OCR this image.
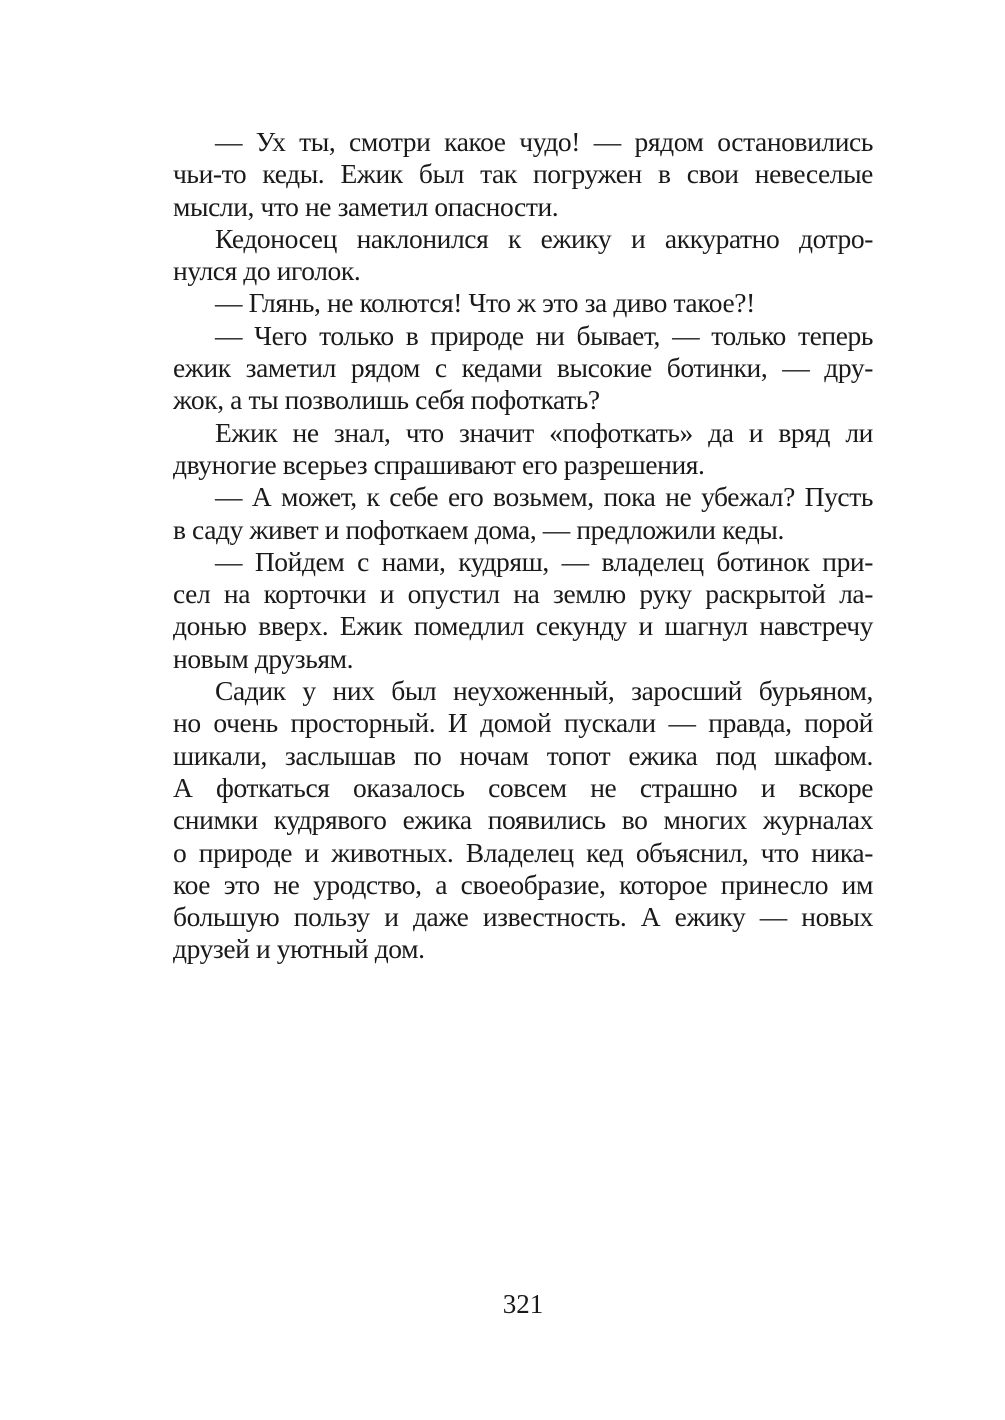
— Ух ты, смотри какое чудо! — рядом остановились
чьи-то кеды. Ежик был так погружен в свои невеселые
мысли, что не заметил опасности.
Кедоносец наклонился к ежику и аккуратно дотро-
нулся до иголок.
— Глянь, не колются! Что ж это за диво такое?!
— Чего только в природе ни бывает, — только теперь
ежик заметил рядом с кедами высокие ботинки, — дру-
жок, а ты позволишь себя пофоткать?
Ежик не знал, что значит «пофоткать» да и вряд ли
двуногие всерьез спрашивают его разрешения.
— А может, к себе его возьмем, пока не убежал? Пусть
в саду живет и пофоткаем дома, — предложили кеды.
— Пойдем с нами, кудряш, — владелец ботинок при-
сел на корточки и опустил на землю руку раскрытой ла-
донью вверх. Ежик помедлил секунду и шагнул навстречу
новым друзьям.
Садик у них был неухоженный, заросший бурьяном,
но очень просторный. И домой пускали — правда, порой
шикали, заслышав по ночам топот ежика под шкафом.
А фоткаться оказалось совсем не страшно и вскоре
снимки кудрявого ежика появились во многих журналах
о природе и животных. Владелец кед объяснил, что ника-
кое это не уродство, а своеобразие, которое принесло им
большую пользу и даже известность. А ежику — новых
друзей и уютный дом.
321
